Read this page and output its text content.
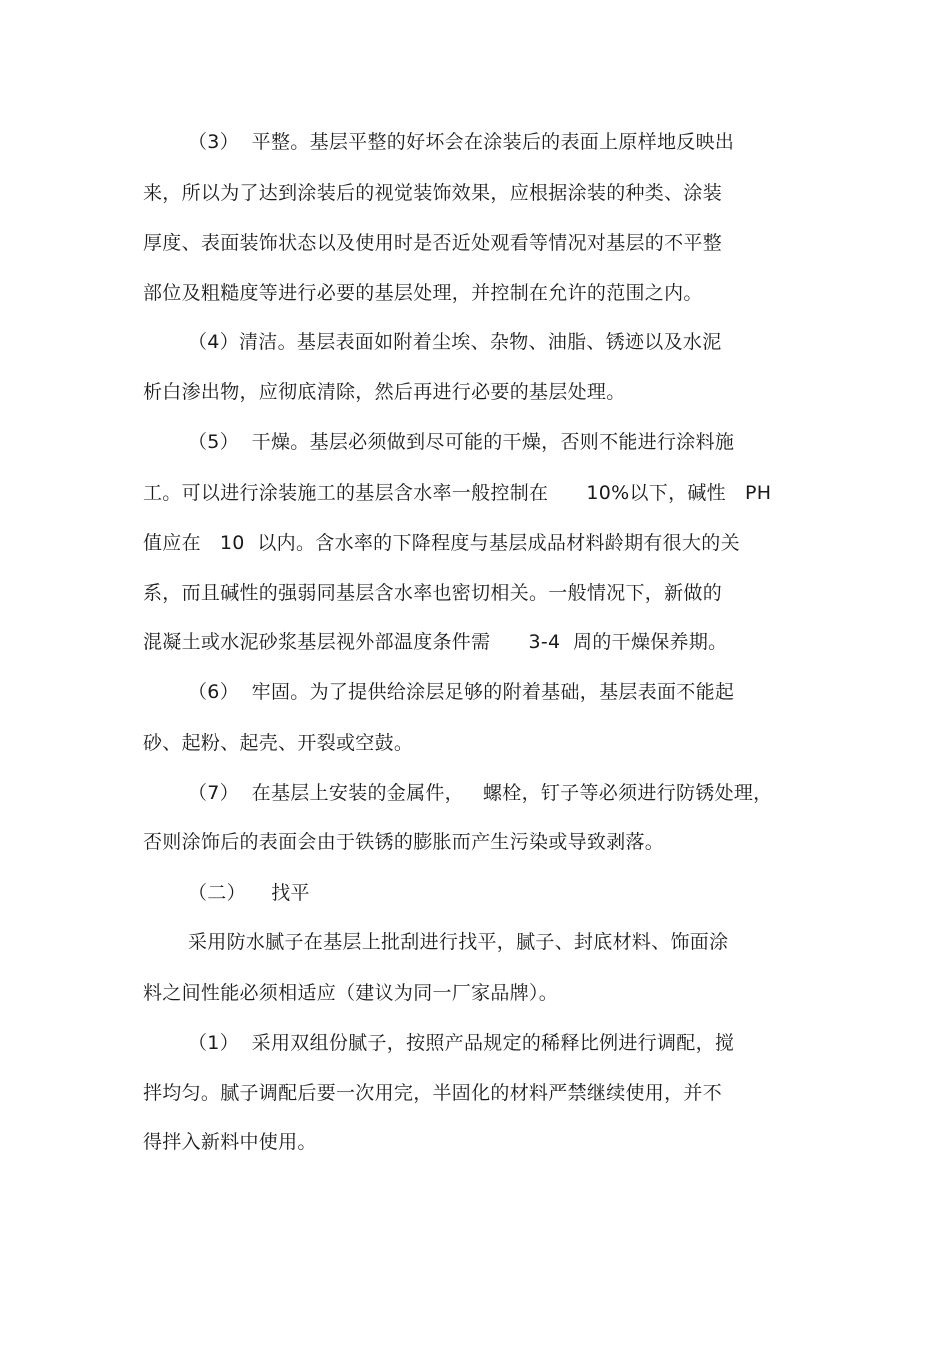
（3）  平整。基层平整的好坏会在涂装后的表面上原样地反映出
来，所以为了达到涂装后的视觉装饰效果，应根据涂装的种类、涂装
厚度、表面装饰状态以及使用时是否近处观看等情况对基层的不平整
部位及粗糙度等进行必要的基层处理，并控制在允许的范围之内。
（4）清洁。基层表面如附着尘埃、杂物、油脂、锈迹以及水泥
析白渗出物，应彻底清除，然后再进行必要的基层处理。
（5）  干燥。基层必须做到尽可能的干燥，否则不能进行涂料施
工。可以进行涂装施工的基层含水率一般控制在      10%以下，碱性   PH
值应在   10  以内。含水率的下降程度与基层成品材料龄期有很大的关
系，而且碱性的强弱同基层含水率也密切相关。一般情况下，新做的
混凝土或水泥砂浆基层视外部温度条件需      3-4  周的干燥保养期。
（6）  牢固。为了提供给涂层足够的附着基础，基层表面不能起
砂、起粉、起壳、开裂或空鼓。
（7）  在基层上安装的金属件，   螺栓，钉子等必须进行防锈处理，
否则涂饰后的表面会由于铁锈的膨胀而产生污染或导致剥落。
（二）    找平
采用防水腻子在基层上批刮进行找平，腻子、封底材料、饰面涂
料之间性能必须相适应（建议为同一厂家品牌）。
（1）  采用双组份腻子，按照产品规定的稀释比例进行调配，搅
拌均匀。腻子调配后要一次用完，半固化的材料严禁继续使用，并不
得拌入新料中使用。
